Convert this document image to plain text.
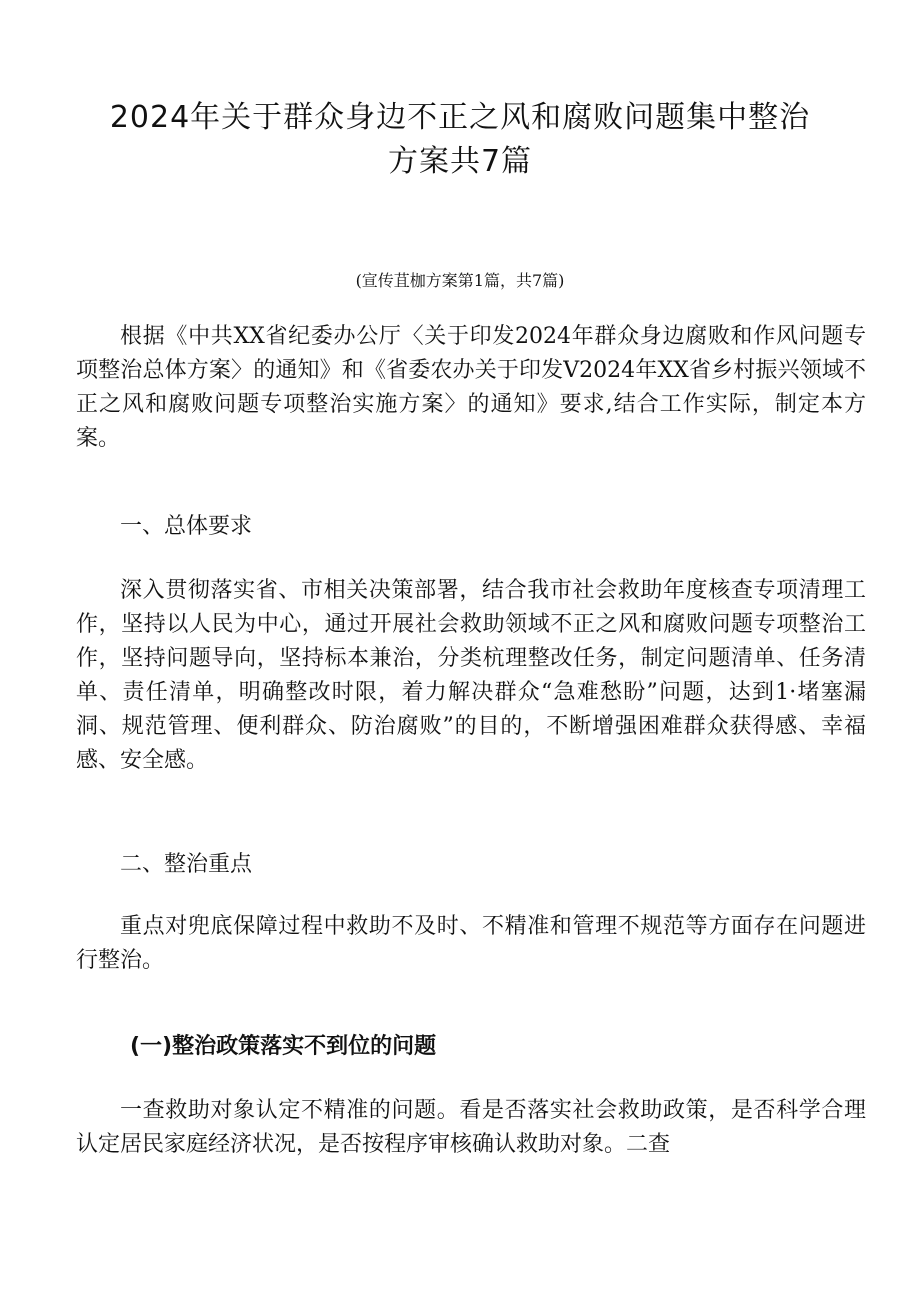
2024年关于群众身边不正之风和腐败问题集中整治
方案共7篇

(宣传苴枷方案第1篇，共7篇)

根据《中共XX省纪委办公厅〈关于印发2024年群众身边腐败和作风问题专项整治总体方案〉的通知》和《省委农办关于印发V2024年XX省乡村振兴领域不正之风和腐败问题专项整治实施方案〉的通知》要求,结合工作实际，制定本方案。

一、总体要求

深入贯彻落实省、市相关决策部署，结合我市社会救助年度核查专项清理工作，坚持以人民为中心，通过开展社会救助领域不正之风和腐败问题专项整治工作，坚持问题导向，坚持标本兼治，分类杭理整改任务，制定问题清单、任务清单、责任清单，明确整改时限，着力解决群众“急难愁盼”问题，达到1·堵塞漏洞、规范管理、便利群众、防治腐败”的目的，不断增强困难群众获得感、幸福感、安全感。

二、整治重点

重点对兜底保障过程中救助不及时、不精准和管理不规范等方面存在问题进行整治。

(一)整治政策落实不到位的问题

一查救助对象认定不精准的问题。看是否落实社会救助政策，是否科学合理认定居民家庭经济状况，是否按程序审核确认救助对象。二查
